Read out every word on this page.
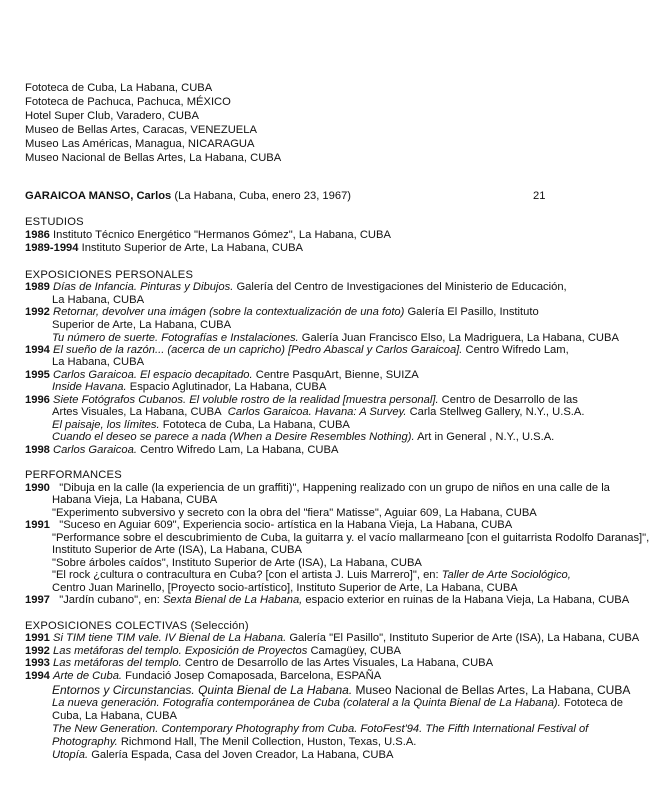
Fototeca de Cuba, La Habana, CUBA
Fototeca de Pachuca, Pachuca, MÉXICO
Hotel Super Club, Varadero, CUBA
Museo de Bellas Artes, Caracas, VENEZUELA
Museo Las Américas, Managua, NICARAGUA
Museo Nacional de Bellas Artes, La Habana, CUBA
GARAICOA MANSO, Carlos (La Habana, Cuba, enero 23, 1967)	21
ESTUDIOS
1986 Instituto Técnico Energético "Hermanos Gómez", La Habana, CUBA
1989-1994 Instituto Superior de Arte, La Habana, CUBA
EXPOSICIONES PERSONALES
1989 Días de Infancia. Pinturas y Dibujos. Galería del Centro de Investigaciones del Ministerio de Educación,
La Habana, CUBA
1992 Retornar, devolver una imágen (sobre la contextualización de una foto) Galería El Pasillo, Instituto
Superior de Arte, La Habana, CUBA
Tu número de suerte. Fotografías e Instalaciones. Galería Juan Francisco Elso, La Madriguera, La Habana, CUBA
1994 El sueño de la razón... (acerca de un capricho) [Pedro Abascal y Carlos Garaicoa]. Centro Wifredo Lam,
La Habana, CUBA
1995 Carlos Garaicoa. El espacio decapitado. Centre PasquArt, Bienne, SUIZA
Inside Havana. Espacio Aglutinador, La Habana, CUBA
1996 Siete Fotógrafos Cubanos. El voluble rostro de la realidad [muestra personal]. Centro de Desarrollo de las
Artes Visuales, La Habana, CUBA Carlos Garaicoa. Havana: A Survey. Carla Stellweg Gallery, N.Y., U.S.A.
El paisaje, los límites. Fototeca de Cuba, La Habana, CUBA
Cuando el deseo se parece a nada (When a Desire Resembles Nothing). Art in General , N.Y., U.S.A.
1998 Carlos Garaicoa. Centro Wifredo Lam, La Habana, CUBA
PERFORMANCES
1990 "Dibuja en la calle (la experiencia de un graffiti)", Happening realizado con un grupo de niños en una calle de la
Habana Vieja, La Habana, CUBA
"Experimento subversivo y secreto con la obra del "fiera" Matisse", Aguiar 609, La Habana, CUBA
1991 "Suceso en Aguiar 609", Experiencia socio- artística en la Habana Vieja, La Habana, CUBA
"Performance sobre el descubrimiento de Cuba, la guitarra y. el vacío mallarmeano [con el guitarrista Rodolfo Daranas]",
Instituto Superior de Arte (ISA), La Habana, CUBA
"Sobre árboles caídos", Instituto Superior de Arte (ISA), La Habana, CUBA
"El rock ¿cultura o contracultura en Cuba? [con el artista J. Luis Marrero]", en: Taller de Arte Sociológico,
Centro Juan Marinello, [Proyecto socio-artístico], Instituto Superior de Arte, La Habana, CUBA
1997 "Jardín cubano", en: Sexta Bienal de La Habana, espacio exterior en ruinas de la Habana Vieja, La Habana, CUBA
EXPOSICIONES COLECTIVAS (Selección)
1991 Si TIM tiene TIM vale. IV Bienal de La Habana. Galería "El Pasillo", Instituto Superior de Arte (ISA), La Habana, CUBA
1992 Las metáforas del templo. Exposición de Proyectos Camagüey, CUBA
1993 Las metáforas del templo. Centro de Desarrollo de las Artes Visuales, La Habana, CUBA
1994 Arte de Cuba. Fundació Josep Comaposada, Barcelona, ESPAÑA
Entornos y Circunstancias. Quinta Bienal de La Habana. Museo Nacional de Bellas Artes, La Habana, CUBA
La nueva generación. Fotografía contemporánea de Cuba (colateral a la Quinta Bienal de La Habana). Fototeca de
Cuba, La Habana, CUBA
The New Generation. Contemporary Photography from Cuba. FotoFest'94. The Fifth International Festival of
Photography. Richmond Hall, The Menil Collection, Huston, Texas, U.S.A.
Utopía. Galería Espada, Casa del Joven Creador, La Habana, CUBA
